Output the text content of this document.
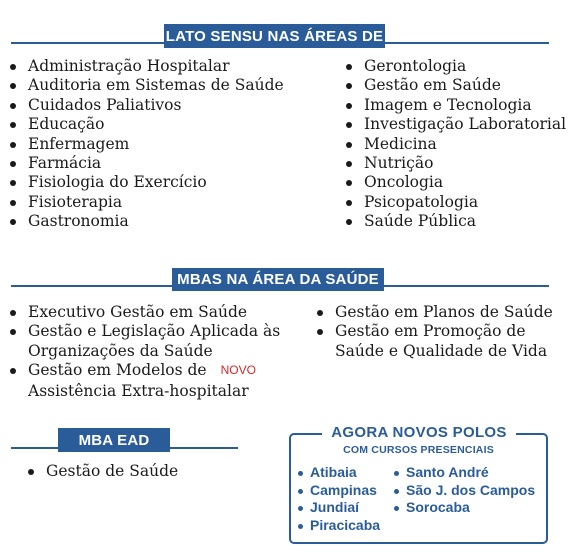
LATO SENSU NAS ÁREAS DE
Administração Hospitalar
Auditoria em Sistemas de Saúde
Cuidados Paliativos
Educação
Enfermagem
Farmácia
Fisiologia do Exercício
Fisioterapia
Gastronomia
Gerontologia
Gestão em Saúde
Imagem e Tecnologia
Investigação Laboratorial
Medicina
Nutrição
Oncologia
Psicopatologia
Saúde Pública
MBAS NA ÁREA DA SAÚDE
Executivo Gestão em Saúde
Gestão e Legislação Aplicada às
Organizações da Saúde
Gestão em Modelos de NOVO
Assistência Extra-hospitalar
Gestão em Planos de Saúde
Gestão em Promoção de
Saúde e Qualidade de Vida
MBA EAD
Gestão de Saúde
AGORA NOVOS POLOS
COM CURSOS PRESENCIAIS
Atibaia
Campinas
Jundiaí
Piracicaba
Santo André
São J. dos Campos
Sorocaba
